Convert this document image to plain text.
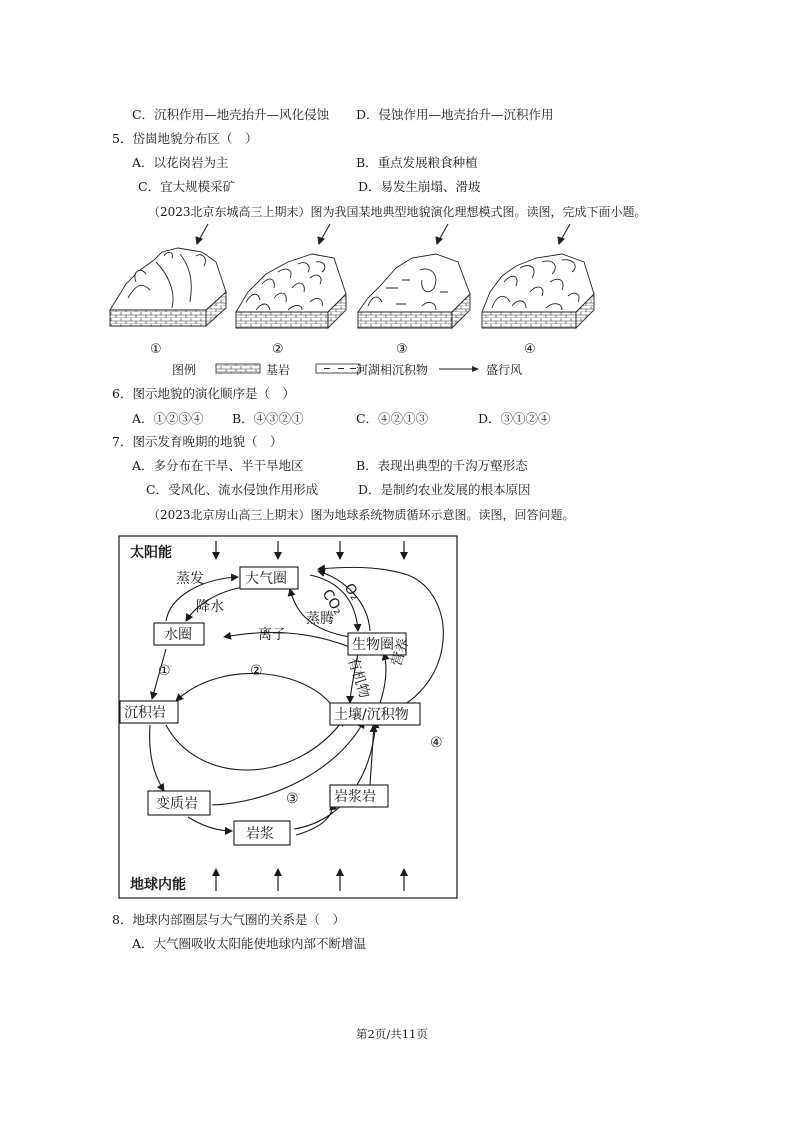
C．沉积作用—地壳抬升—风化侵蚀 D．侵蚀作用—地壳抬升—沉积作用
5．岱崮地貌分布区（　）
A．以花岗岩为主	B．重点发展粮食种植
C．宜大规模采矿	D．易发生崩塌、滑坡
（2023北京东城高三上期末）图为我国某地典型地貌演化理想模式图。读图，完成下面小题。
①	②	③	④
图例	基岩	河湖相沉积物	盛行风
6．图示地貌的演化顺序是（　）
A．①②③④ B．④③②①	C．④②①③	D．③①②④
7．图示发育晚期的地貌（　）
A．多分布在干旱、半干旱地区	B．表现出典型的千沟万壑形态
C．受风化、流水侵蚀作用形成	D．是制约农业发展的根本原因
（2023北京房山高三上期末）图为地球系统物质循环示意图。读图，回答问题。
太阳能
地球内能
大气圈
水圈
生物圈
沉积岩	土壤/沉积物
变质岩	岩浆岩
岩浆
蒸发
降水
蒸腾
离子
CO₂
O₂
有机物
营养
①	②
③
④
8．地球内部圈层与大气圈的关系是（　）
A．大气圈吸收太阳能使地球内部不断增温
第2页/共11页
